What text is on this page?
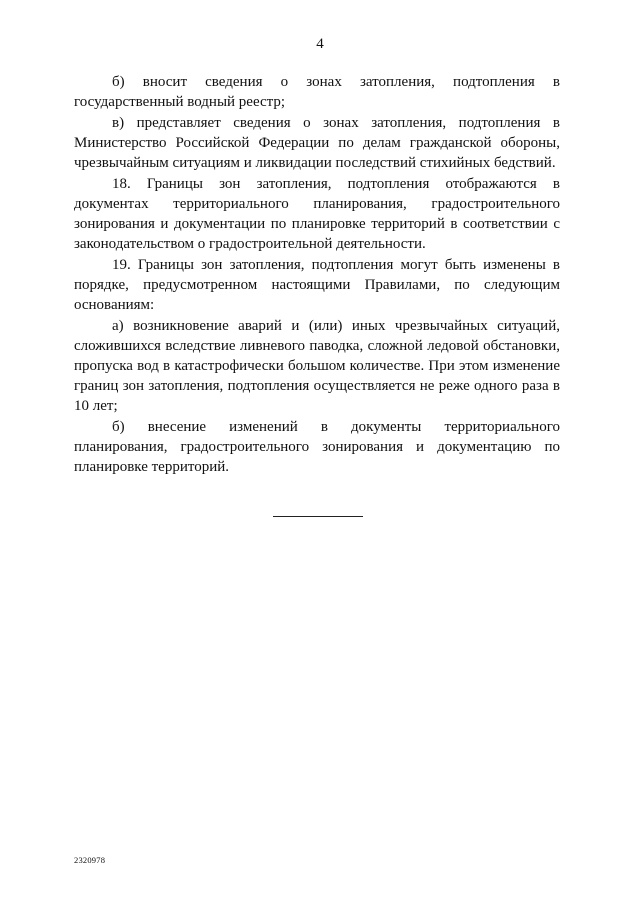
4

б) вносит сведения о зонах затопления, подтопления в государственный водный реестр;

в) представляет сведения о зонах затопления, подтопления в Министерство Российской Федерации по делам гражданской обороны, чрезвычайным ситуациям и ликвидации последствий стихийных бедствий.

18. Границы зон затопления, подтопления отображаются в документах территориального планирования, градостроительного зонирования и документации по планировке территорий в соответствии с законодательством о градостроительной деятельности.

19. Границы зон затопления, подтопления могут быть изменены в порядке, предусмотренном настоящими Правилами, по следующим основаниям:

а) возникновение аварий и (или) иных чрезвычайных ситуаций, сложившихся вследствие ливневого паводка, сложной ледовой обстановки, пропуска вод в катастрофически большом количестве. При этом изменение границ зон затопления, подтопления осуществляется не реже одного раза в 10 лет;

б) внесение изменений в документы территориального планирования, градостроительного зонирования и документацию по планировке территорий.

2320978
